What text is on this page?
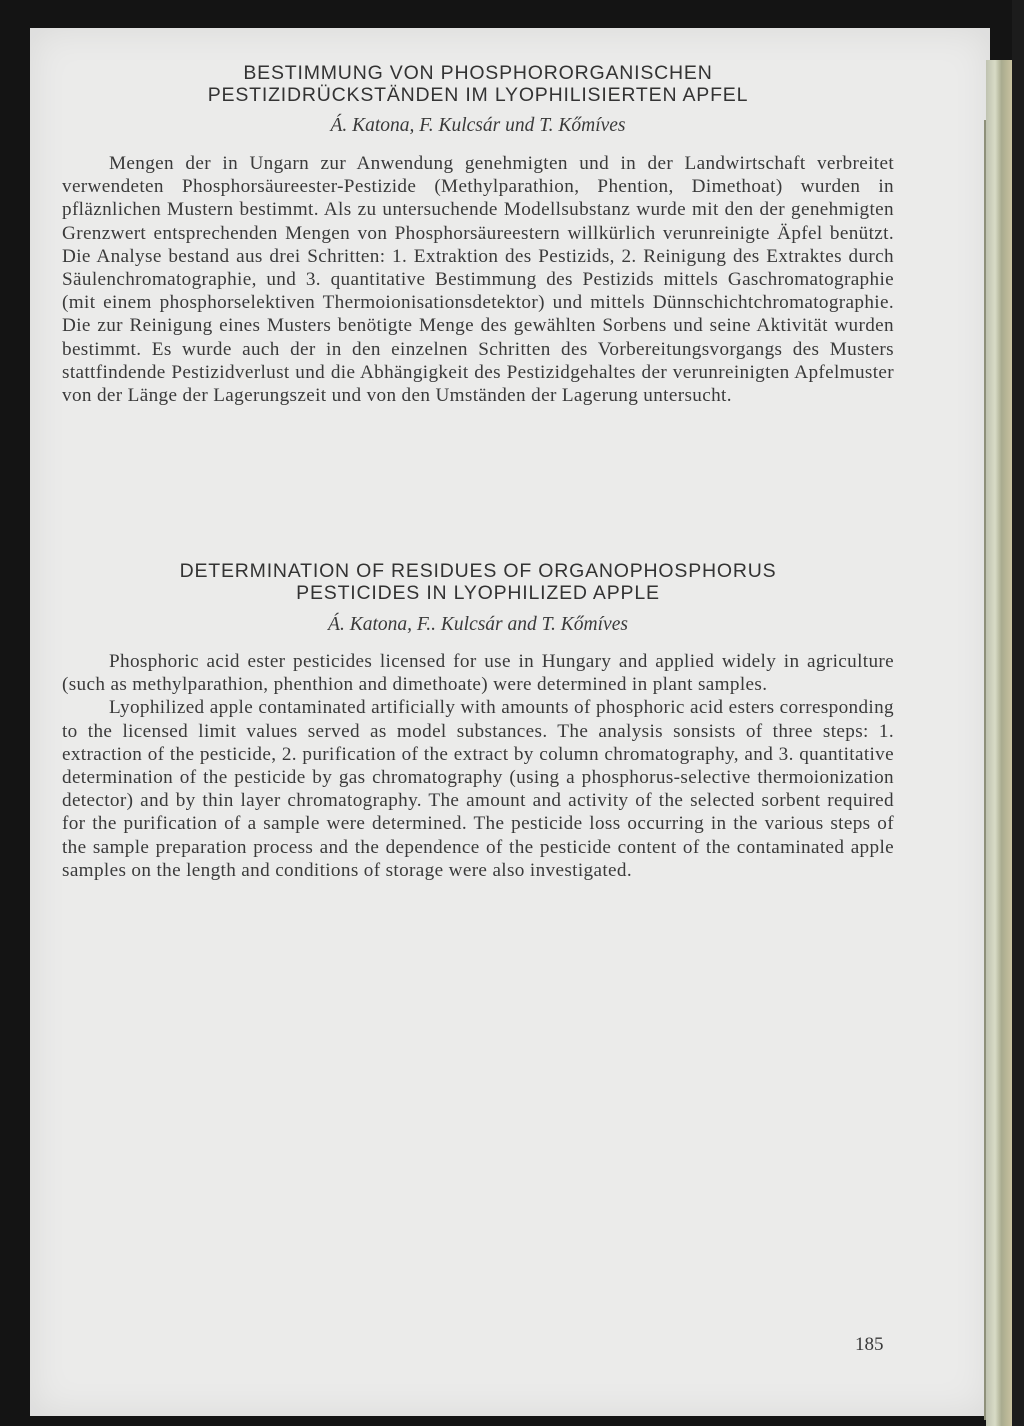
BESTIMMUNG VON PHOSPHORORGANISCHEN
PESTIZIDRÜCKSTÄNDEN IM LYOPHILISIERTEN APFEL

Á. Katona, F. Kulcsár und T. Kőmíves

Mengen der in Ungarn zur Anwendung genehmigten und in der Landwirtschaft verbreitet verwendeten Phosphorsäureester-Pestizide (Methylparathion, Phention, Dimethoat) wurden in pfläznlichen Mustern bestimmt. Als zu untersuchende Modellsubstanz wurde mit den der genehmigten Grenzwert entsprechenden Mengen von Phosphorsäureestern willkürlich verunreinigte Äpfel benützt. Die Analyse bestand aus drei Schritten: 1. Extraktion des Pestizids, 2. Reinigung des Extraktes durch Säulenchromatographie, und 3. quantitative Bestimmung des Pestizids mittels Gaschromatographie (mit einem phosphorselektiven Thermoionisationsdetektor) und mittels Dünnschichtchromatographie. Die zur Reinigung eines Musters benötigte Menge des gewählten Sorbens und seine Aktivität wurden bestimmt. Es wurde auch der in den einzelnen Schritten des Vorbereitungsvorgangs des Musters stattfindende Pestizidverlust und die Abhängigkeit des Pestizidgehaltes der verunreinigten Apfelmuster von der Länge der Lagerungszeit und von den Umständen der Lagerung untersucht.

DETERMINATION OF RESIDUES OF ORGANOPHOSPHORUS
PESTICIDES IN LYOPHILIZED APPLE

Á. Katona, F.. Kulcsár and T. Kőmíves

Phosphoric acid ester pesticides licensed for use in Hungary and applied widely in agriculture (such as methylparathion, phenthion and dimethoate) were determined in plant samples.

Lyophilized apple contaminated artificially with amounts of phosphoric acid esters corresponding to the licensed limit values served as model substances. The analysis sonsists of three steps: 1. extraction of the pesticide, 2. purification of the extract by column chromatography, and 3. quantitative determination of the pesticide by gas chromatography (using a phosphorus-selective thermoionization detector) and by thin layer chromatography. The amount and activity of the selected sorbent required for the purification of a sample were determined. The pesticide loss occurring in the various steps of the sample preparation process and the dependence of the pesticide content of the contaminated apple samples on the length and conditions of storage were also investigated.

185
